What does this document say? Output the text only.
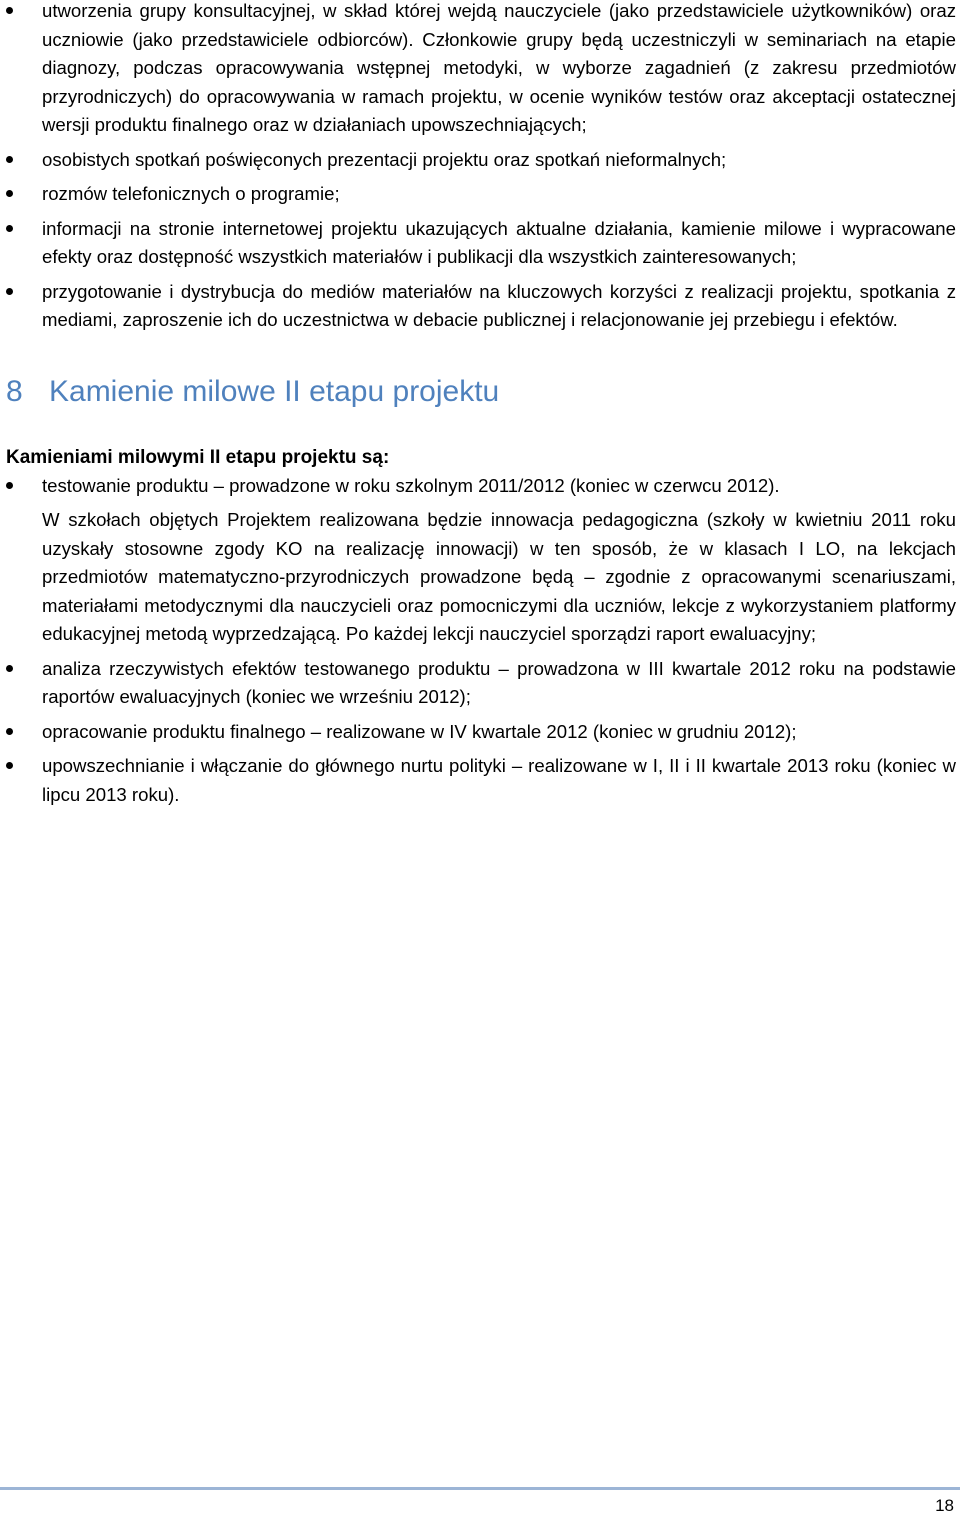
utworzenia grupy konsultacyjnej, w skład której wejdą nauczyciele (jako przedstawiciele użytkowników) oraz uczniowie (jako przedstawiciele odbiorców). Członkowie grupy będą uczestniczyli w seminariach na etapie diagnozy, podczas opracowywania wstępnej metodyki, w wyborze zagadnień (z zakresu przedmiotów przyrodniczych) do opracowywania w ramach projektu, w ocenie wyników testów oraz akceptacji ostatecznej wersji produktu finalnego oraz w działaniach upowszechniających;

osobistych spotkań poświęconych prezentacji projektu oraz spotkań nieformalnych;

rozmów telefonicznych o programie;

informacji na stronie internetowej projektu ukazujących aktualne działania, kamienie milowe i wypracowane efekty oraz dostępność wszystkich materiałów i publikacji dla wszystkich zainteresowanych;

przygotowanie i dystrybucja do mediów materiałów na kluczowych korzyści z realizacji projektu, spotkania z mediami, zaproszenie ich do uczestnictwa w debacie publicznej i relacjonowanie jej przebiegu i efektów.

8 Kamienie milowe II etapu projektu

Kamieniami milowymi II etapu projektu są:

testowanie produktu – prowadzone w roku szkolnym 2011/2012 (koniec w czerwcu 2012).

W szkołach objętych Projektem realizowana będzie innowacja pedagogiczna (szkoły w kwietniu 2011 roku uzyskały stosowne zgody KO na realizację innowacji) w ten sposób, że w klasach I LO, na lekcjach przedmiotów matematyczno-przyrodniczych prowadzone będą – zgodnie z opracowanymi scenariuszami, materiałami metodycznymi dla nauczycieli oraz pomocniczymi dla uczniów, lekcje z wykorzystaniem platformy edukacyjnej metodą wyprzedzającą. Po każdej lekcji nauczyciel sporządzi raport ewaluacyjny;

analiza rzeczywistych efektów testowanego produktu – prowadzona w III kwartale 2012 roku na podstawie raportów ewaluacyjnych (koniec we wrześniu 2012);

opracowanie produktu finalnego – realizowane w IV kwartale 2012 (koniec w grudniu 2012);

upowszechnianie i włączanie do głównego nurtu polityki – realizowane w I, II i II kwartale 2013 roku (koniec w lipcu 2013 roku).

18
